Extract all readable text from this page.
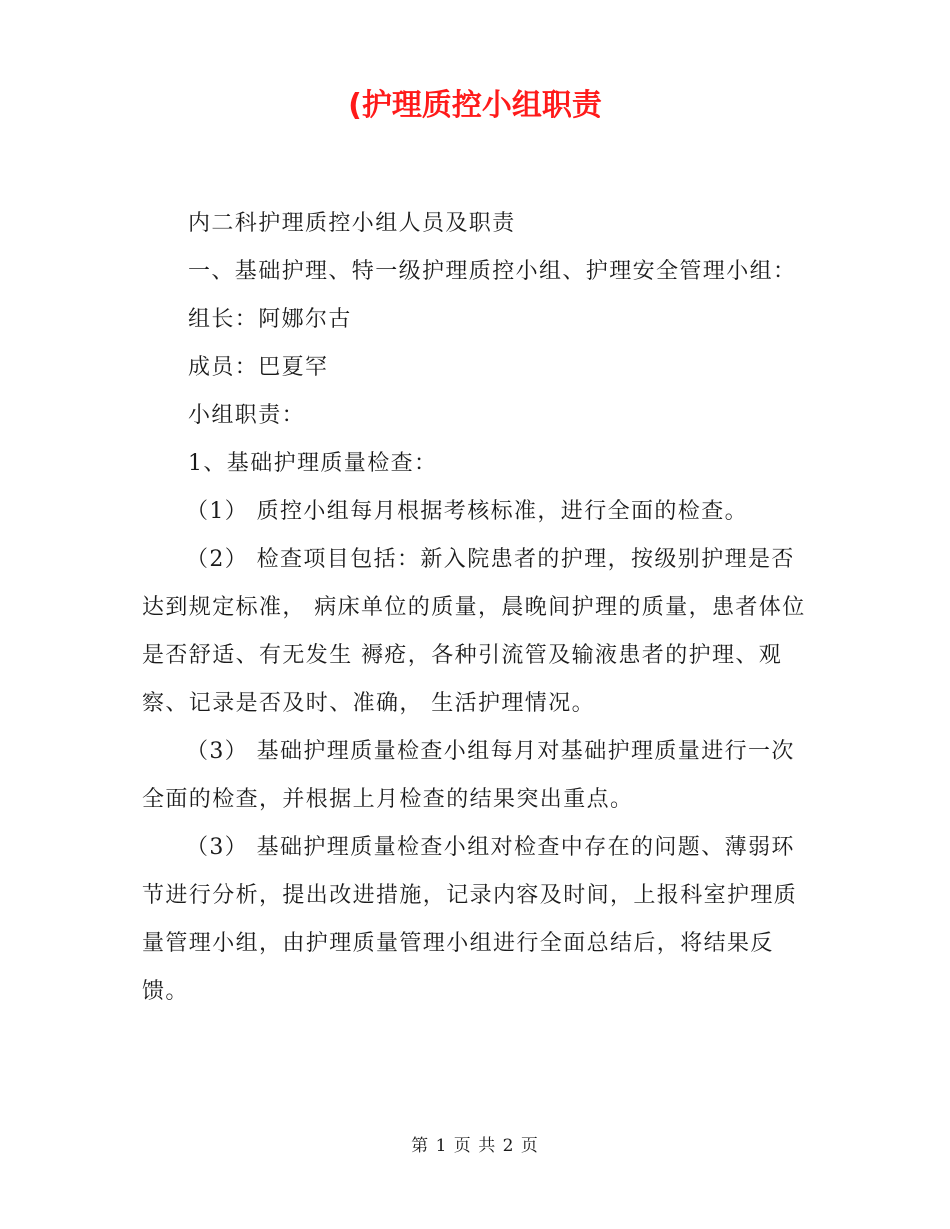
(护理质控小组职责

内二科护理质控小组人员及职责

一、基础护理、特一级护理质控小组、护理安全管理小组：

组长：阿娜尔古

成员：巴夏罕

小组职责：

1、基础护理质量检查：

（1） 质控小组每月根据考核标准，进行全面的检查。

（2） 检查项目包括：新入院患者的护理，按级别护理是否达到规定标准， 病床单位的质量，晨晚间护理的质量，患者体位是否舒适、有无发生 褥疮，各种引流管及输液患者的护理、观察、记录是否及时、准确， 生活护理情况。

（3） 基础护理质量检查小组每月对基础护理质量进行一次全面的检查，并根据上月检查的结果突出重点。

（3） 基础护理质量检查小组对检查中存在的问题、薄弱环节进行分析，提出改进措施，记录内容及时间，上报科室护理质量管理小组，由护理质量管理小组进行全面总结后，将结果反馈。

第 1 页 共 2 页
